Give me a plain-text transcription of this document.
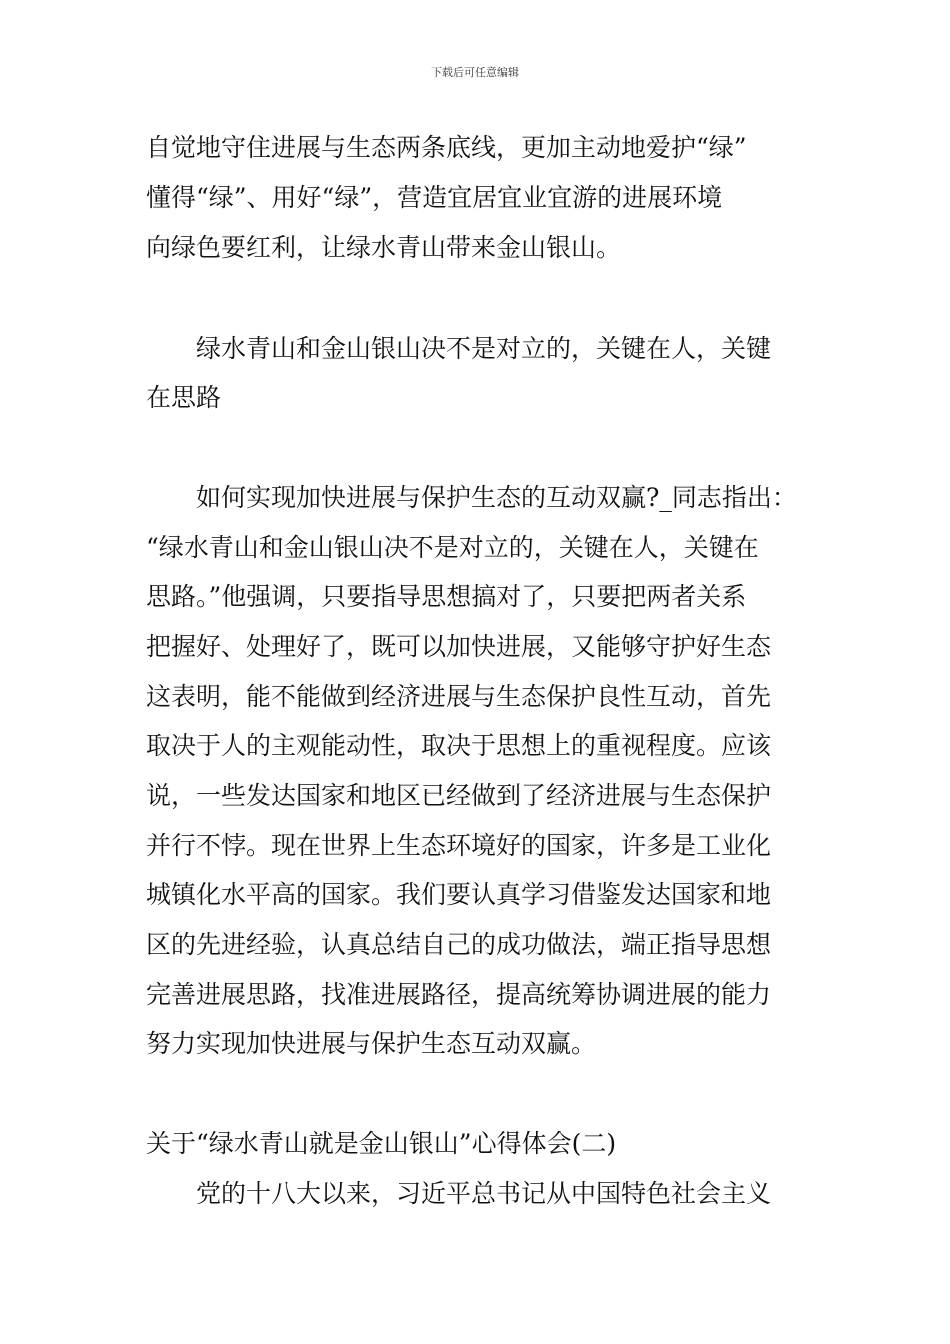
下载后可任意编辑
自觉地守住进展与生态两条底线，更加主动地爱护“绿”
懂得“绿”、用好“绿”，营造宜居宜业宜游的进展环境
向绿色要红利，让绿水青山带来金山银山。
绿水青山和金山银山决不是对立的，关键在人，关键
在思路
如何实现加快进展与保护生态的互动双赢?_同志指出：
“绿水青山和金山银山决不是对立的，关键在人，关键在
思路。”他强调，只要指导思想搞对了，只要把两者关系
把握好、处理好了，既可以加快进展，又能够守护好生态
这表明，能不能做到经济进展与生态保护良性互动，首先
取决于人的主观能动性，取决于思想上的重视程度。应该
说，一些发达国家和地区已经做到了经济进展与生态保护
并行不悖。现在世界上生态环境好的国家，许多是工业化
城镇化水平高的国家。我们要认真学习借鉴发达国家和地
区的先进经验，认真总结自己的成功做法，端正指导思想
完善进展思路，找准进展路径，提高统筹协调进展的能力
努力实现加快进展与保护生态互动双赢。
关于“绿水青山就是金山银山”心得体会(二)
党的十八大以来，习近平总书记从中国特色社会主义
